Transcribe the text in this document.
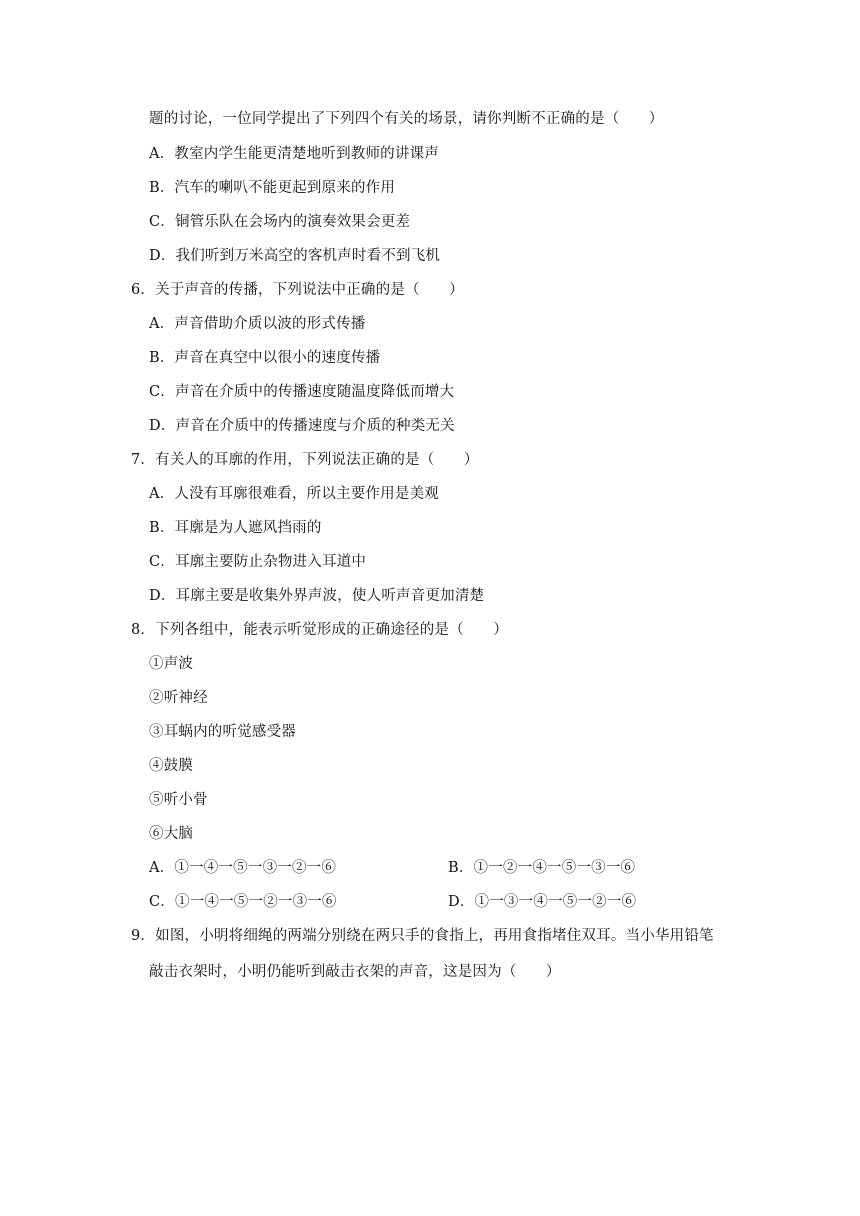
题的讨论，一位同学提出了下列四个有关的场景，请你判断不正确的是（　　）
A．教室内学生能更清楚地听到教师的讲课声
B．汽车的喇叭不能更起到原来的作用
C．铜管乐队在会场内的演奏效果会更差
D．我们听到万米高空的客机声时看不到飞机
6．关于声音的传播，下列说法中正确的是（　　）
A．声音借助介质以波的形式传播
B．声音在真空中以很小的速度传播
C．声音在介质中的传播速度随温度降低而增大
D．声音在介质中的传播速度与介质的种类无关
7．有关人的耳廓的作用，下列说法正确的是（　　）
A．人没有耳廓很难看，所以主要作用是美观
B．耳廓是为人遮风挡雨的
C．耳廓主要防止杂物进入耳道中
D．耳廓主要是收集外界声波，使人听声音更加清楚
8．下列各组中，能表示听觉形成的正确途径的是（　　）
①声波
②听神经
③耳蜗内的听觉感受器
④鼓膜
⑤听小骨
⑥大脑
A．①一④一⑤一③一②一⑥	B．①一②一④一⑤一③一⑥
C．①一④一⑤一②一③一⑥	D．①一③一④一⑤一②一⑥
9．如图，小明将细绳的两端分别绕在两只手的食指上，再用食指堵住双耳。当小华用铅笔
敲击衣架时，小明仍能听到敲击衣架的声音，这是因为（　　）
